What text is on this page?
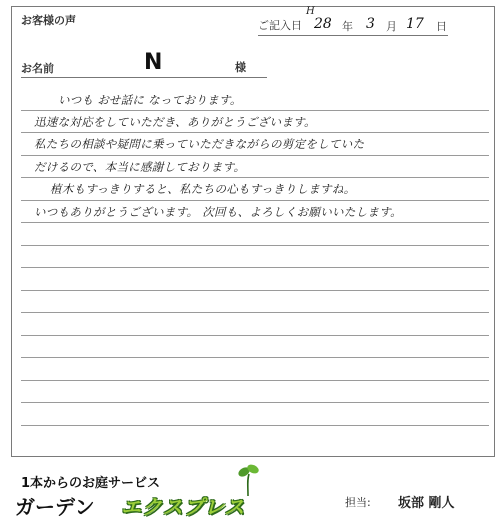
お客様の声	ご記入日
H
28 年 3 月 17 日
お名前	N	様
いつも おせ話に なっております。
迅速な対応をしていただき、ありがとうございます。
私たちの相談や疑問に乗っていただきながらの剪定をしていた
だけるので、本当に感謝しております。
植木もすっきりすると、私たちの心もすっきりしますね。
いつもありがとうございます。 次回も、よろしくお願いいたします。
1本からのお庭サービス
ガーデン エクスプレス	担当: 坂部 剛人
